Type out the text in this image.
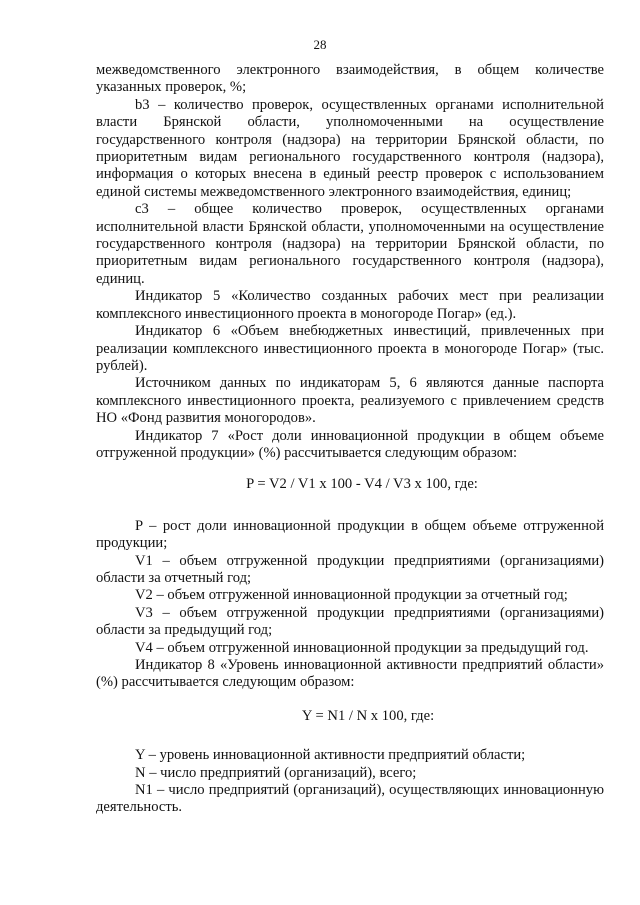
28

межведомственного электронного взаимодействия, в общем количестве указанных проверок, %;

b3 – количество проверок, осуществленных органами исполнительной власти Брянской области, уполномоченными на осуществление государственного контроля (надзора) на территории Брянской области, по приоритетным видам регионального государственного контроля (надзора), информация о которых внесена в единый реестр проверок с использованием единой системы межведомственного электронного взаимодействия, единиц;

c3 – общее количество проверок, осуществленных органами исполнительной власти Брянской области, уполномоченными на осуществление государственного контроля (надзора) на территории Брянской области, по приоритетным видам регионального государственного контроля (надзора), единиц.

Индикатор 5 «Количество созданных рабочих мест при реализации комплексного инвестиционного проекта в моногороде Погар» (ед.).

Индикатор 6 «Объем внебюджетных инвестиций, привлеченных при реализации комплексного инвестиционного проекта в моногороде Погар» (тыс. рублей).

Источником данных по индикаторам 5, 6 являются данные паспорта комплексного инвестиционного проекта, реализуемого с привлечением средств НО «Фонд развития моногородов».

Индикатор 7 «Рост доли инновационной продукции в общем объеме отгруженной продукции» (%) рассчитывается следующим образом:

P = V2 / V1 x 100 - V4 / V3 x 100, где:

P – рост доли инновационной продукции в общем объеме отгруженной продукции;

V1 – объем отгруженной продукции предприятиями (организациями) области за отчетный год;

V2 – объем отгруженной инновационной продукции за отчетный год;

V3 – объем отгруженной продукции предприятиями (организациями) области за предыдущий год;

V4 – объем отгруженной инновационной продукции за предыдущий год.

Индикатор 8 «Уровень инновационной активности предприятий области» (%) рассчитывается следующим образом:

Y = N1 / N x 100, где:

Y – уровень инновационной активности предприятий области;

N – число предприятий (организаций), всего;

N1 – число предприятий (организаций), осуществляющих инновационную деятельность.
